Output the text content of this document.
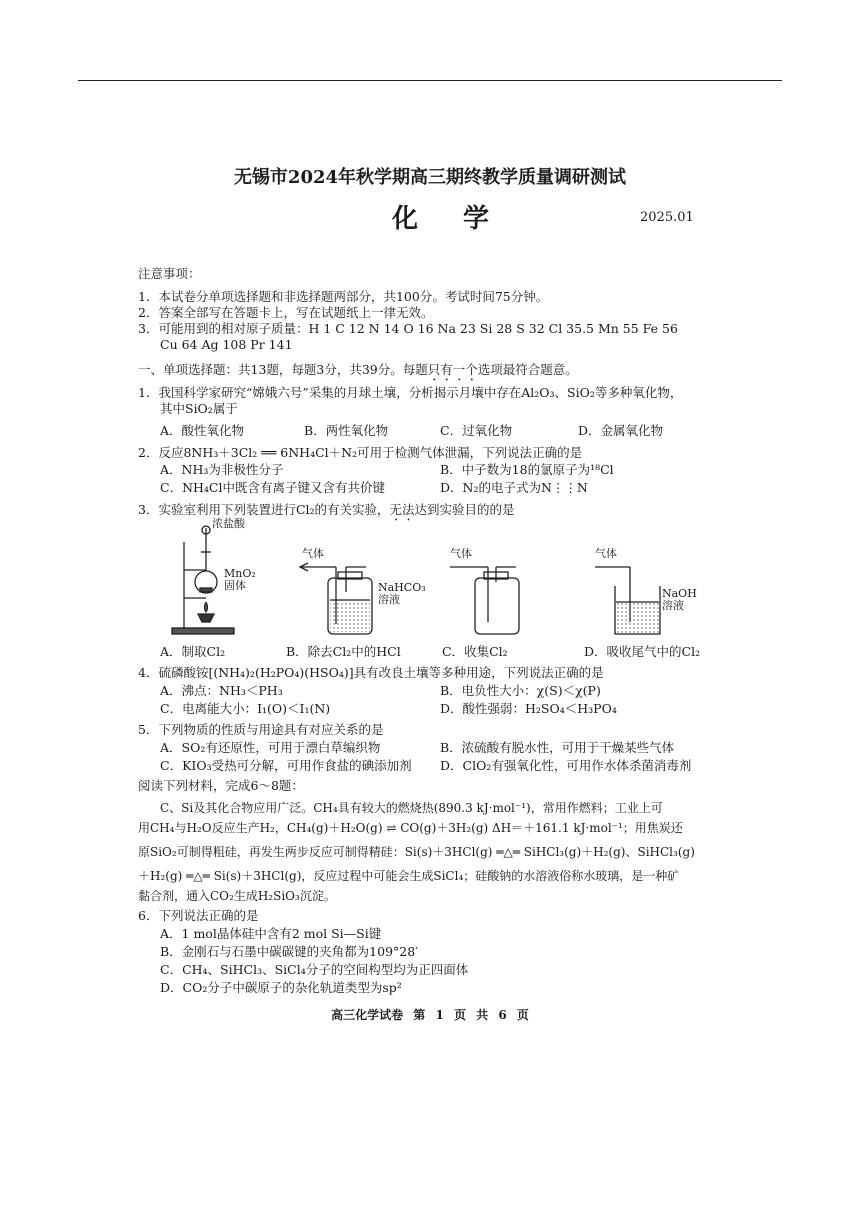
无锡市2024年秋学期高三期终教学质量调研测试
化 学	2025.01
注意事项：
1．本试卷分单项选择题和非选择题两部分，共100分。考试时间75分钟。
2．答案全部写在答题卡上，写在试题纸上一律无效。
3．可能用到的相对原子质量：H 1 C 12 N 14 O 16 Na 23 Si 28 S 32 Cl 35.5 Mn 55 Fe 56
Cu 64 Ag 108 Pr 141
一、单项选择题：共13题，每题3分，共39分。每题只有一个选项最符合题意。
1．我国科学家研究“嫦娥六号”采集的月球土壤，分析揭示月壤中存在Al₂O₃、SiO₂等多种氧化物，
其中SiO₂属于
A．酸性氧化物	B．两性氧化物	C．过氧化物	D．金属氧化物
2．反应8NH₃＋3Cl₂ ══ 6NH₄Cl＋N₂可用于检测气体泄漏，下列说法正确的是
A．NH₃为非极性分子	B．中子数为18的氯原子为¹⁸Cl
C．NH₄Cl中既含有离子键又含有共价键	D．N₂的电子式为N⋮⋮N
3．实验室利用下列装置进行Cl₂的有关实验，无法达到实验目的的是
浓盐酸
MnO₂
固体
气体
NaHCO₃
溶液
气体	气体
NaOH
溶液
A．制取Cl₂	B．除去Cl₂中的HCl	C．收集Cl₂	D．吸收尾气中的Cl₂
4．硫磷酸铵[(NH₄)₂(H₂PO₄)(HSO₄)]具有改良土壤等多种用途，下列说法正确的是
A．沸点：NH₃＜PH₃	B．电负性大小：χ(S)＜χ(P)
C．电离能大小：I₁(O)＜I₁(N)	D．酸性强弱：H₂SO₄＜H₃PO₄
5．下列物质的性质与用途具有对应关系的是
A．SO₂有还原性，可用于漂白草编织物	B．浓硫酸有脱水性，可用于干燥某些气体
C．KIO₃受热可分解，可用作食盐的碘添加剂 D．ClO₂有强氧化性，可用作水体杀菌消毒剂
阅读下列材料，完成6～8题：
C、Si及其化合物应用广泛。CH₄具有较大的燃烧热(890.3 kJ·mol⁻¹)，常用作燃料；工业上可
用CH₄与H₂O反应生产H₂，CH₄(g)＋H₂O(g) ⇌ CO(g)＋3H₂(g) ΔH＝＋161.1 kJ·mol⁻¹；用焦炭还
原SiO₂可制得粗硅，再发生两步反应可制得精硅：Si(s)＋3HCl(g) ═△═ SiHCl₃(g)＋H₂(g)、SiHCl₃(g)
＋H₂(g) ═△═ Si(s)＋3HCl(g)，反应过程中可能会生成SiCl₄；硅酸钠的水溶液俗称水玻璃，是一种矿
黏合剂，通入CO₂生成H₂SiO₃沉淀。
6．下列说法正确的是
A．1 mol晶体硅中含有2 mol Si—Si键
B．金刚石与石墨中碳碳键的夹角都为109°28′
C．CH₄、SiHCl₃、SiCl₄分子的空间构型均为正四面体
D．CO₂分子中碳原子的杂化轨道类型为sp²
高三化学试卷 第 1 页 共 6 页
